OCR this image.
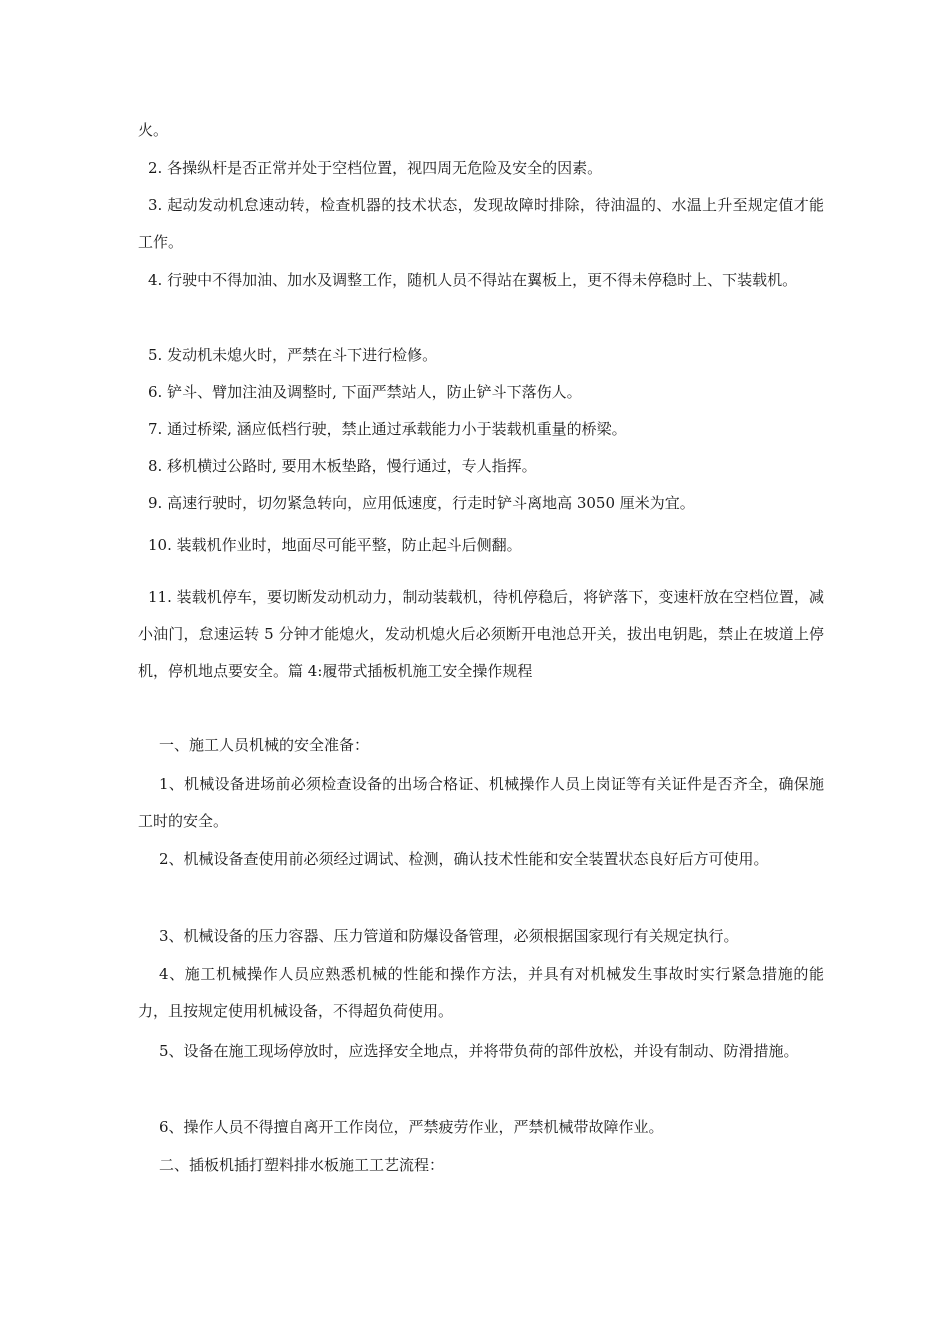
火。

2. 各操纵杆是否正常并处于空档位置，视四周无危险及安全的因素。

3. 起动发动机怠速动转，检查机器的技术状态，发现故障时排除，待油温的、水温上升至规定值才能工作。

4. 行驶中不得加油、加水及调整工作，随机人员不得站在翼板上，更不得未停稳时上、下装载机。

5. 发动机未熄火时，严禁在斗下进行检修。

6. 铲斗、臂加注油及调整时, 下面严禁站人，防止铲斗下落伤人。

7. 通过桥梁, 涵应低档行驶，禁止通过承载能力小于装载机重量的桥梁。

8. 移机横过公路时, 要用木板垫路，慢行通过，专人指挥。

9. 高速行驶时，切勿紧急转向，应用低速度，行走时铲斗离地高 3050 厘米为宜。

10. 装载机作业时，地面尽可能平整，防止起斗后侧翻。

11. 装载机停车，要切断发动机动力，制动装载机，待机停稳后，将铲落下，变速杆放在空档位置，减小油门，怠速运转 5 分钟才能熄火，发动机熄火后必须断开电池总开关，拔出电钥匙，禁止在坡道上停机，停机地点要安全。篇 4:履带式插板机施工安全操作规程

一、施工人员机械的安全准备：

1、机械设备进场前必须检查设备的出场合格证、机械操作人员上岗证等有关证件是否齐全，确保施工时的安全。

2、机械设备查使用前必须经过调试、检测，确认技术性能和安全装置状态良好后方可使用。

3、机械设备的压力容器、压力管道和防爆设备管理，必须根据国家现行有关规定执行。

4、施工机械操作人员应熟悉机械的性能和操作方法，并具有对机械发生事故时实行紧急措施的能力，且按规定使用机械设备，不得超负荷使用。

5、设备在施工现场停放时，应选择安全地点，并将带负荷的部件放松，并设有制动、防滑措施。

6、操作人员不得擅自离开工作岗位，严禁疲劳作业，严禁机械带故障作业。

二、插板机插打塑料排水板施工工艺流程：
